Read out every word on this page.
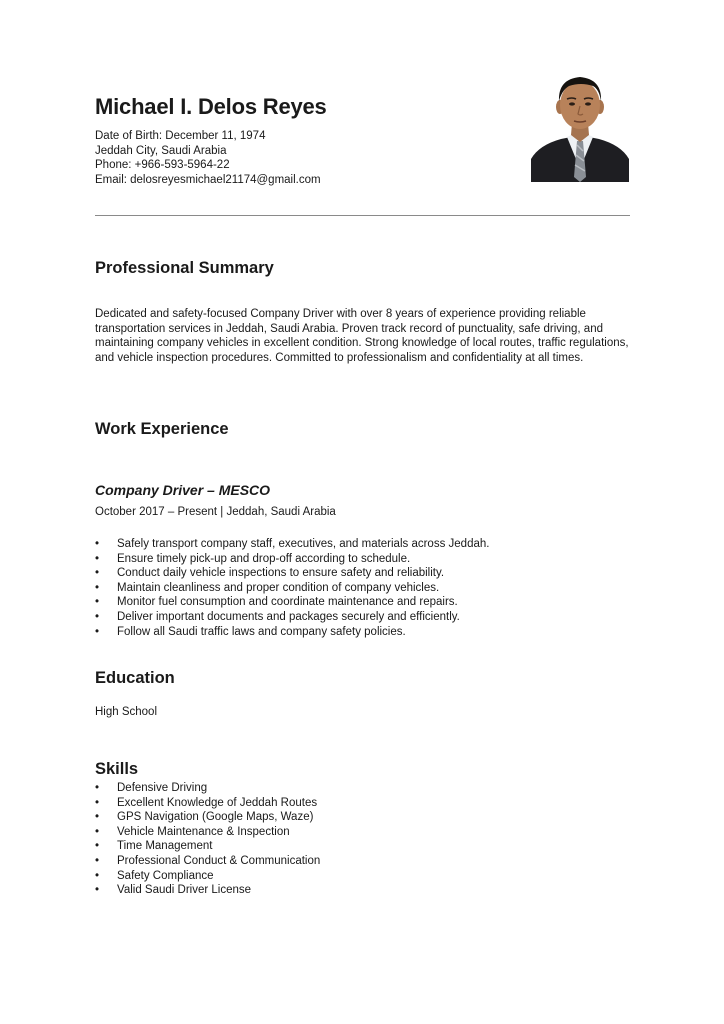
Michael I. Delos Reyes
Date of Birth: December 11, 1974
Jeddah City, Saudi Arabia
Phone: +966-593-5964-22
Email: delosreyesmichael21174@gmail.com
Professional Summary
Dedicated and safety-focused Company Driver with over 8 years of experience providing reliable transportation services in Jeddah, Saudi Arabia. Proven track record of punctuality, safe driving, and maintaining company vehicles in excellent condition. Strong knowledge of local routes, traffic regulations, and vehicle inspection procedures. Committed to professionalism and confidentiality at all times.
Work Experience
Company Driver – MESCO
October 2017 – Present | Jeddah, Saudi Arabia
• Safely transport company staff, executives, and materials across Jeddah.
• Ensure timely pick-up and drop-off according to schedule.
• Conduct daily vehicle inspections to ensure safety and reliability.
• Maintain cleanliness and proper condition of company vehicles.
• Monitor fuel consumption and coordinate maintenance and repairs.
• Deliver important documents and packages securely and efficiently.
• Follow all Saudi traffic laws and company safety policies.
Education
High School
Skills
• Defensive Driving
• Excellent Knowledge of Jeddah Routes
• GPS Navigation (Google Maps, Waze)
• Vehicle Maintenance & Inspection
• Time Management
• Professional Conduct & Communication
• Safety Compliance
• Valid Saudi Driver License
